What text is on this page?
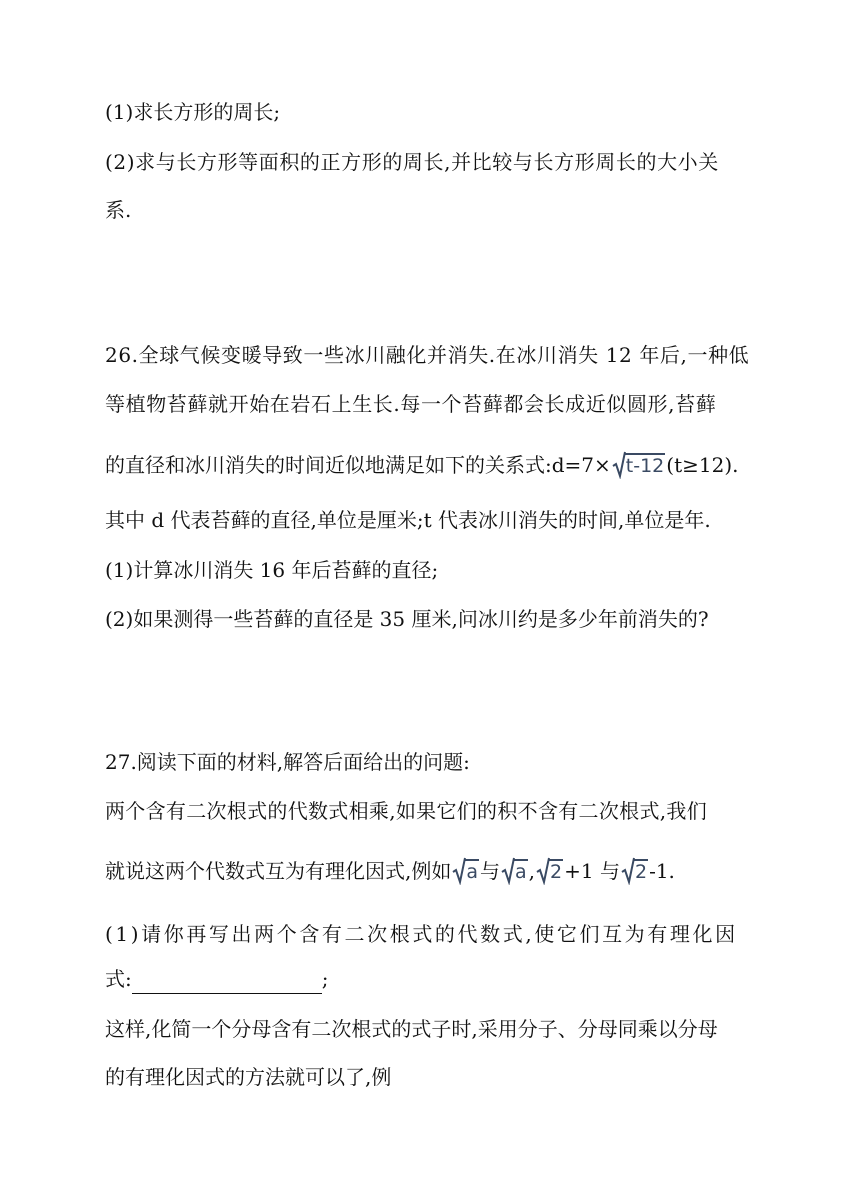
(1)求长方形的周长;
(2)求与长方形等面积的正方形的周长,并比较与长方形周长的大小关
系.
26.全球气候变暖导致一些冰川融化并消失.在冰川消失 12 年后,一种低
等植物苔藓就开始在岩石上生长.每一个苔藓都会长成近似圆形,苔藓
的直径和冰川消失的时间近似地满足如下的关系式:d=7× t-12 (t≥12).
其中 d 代表苔藓的直径,单位是厘米;t 代表冰川消失的时间,单位是年.
(1)计算冰川消失 16 年后苔藓的直径;
(2)如果测得一些苔藓的直径是 35 厘米,问冰川约是多少年前消失的?
27.阅读下面的材料,解答后面给出的问题:
两个含有二次根式的代数式相乘,如果它们的积不含有二次根式,我们
就说这两个代数式互为有理化因式,例如 a 与 a , 2 +1 与 2 -1.
(1)请你再写出两个含有二次根式的代数式,使它们互为有理化因
式:	;
这样,化简一个分母含有二次根式的式子时,采用分子、分母同乘以分母
的有理化因式的方法就可以了,例
